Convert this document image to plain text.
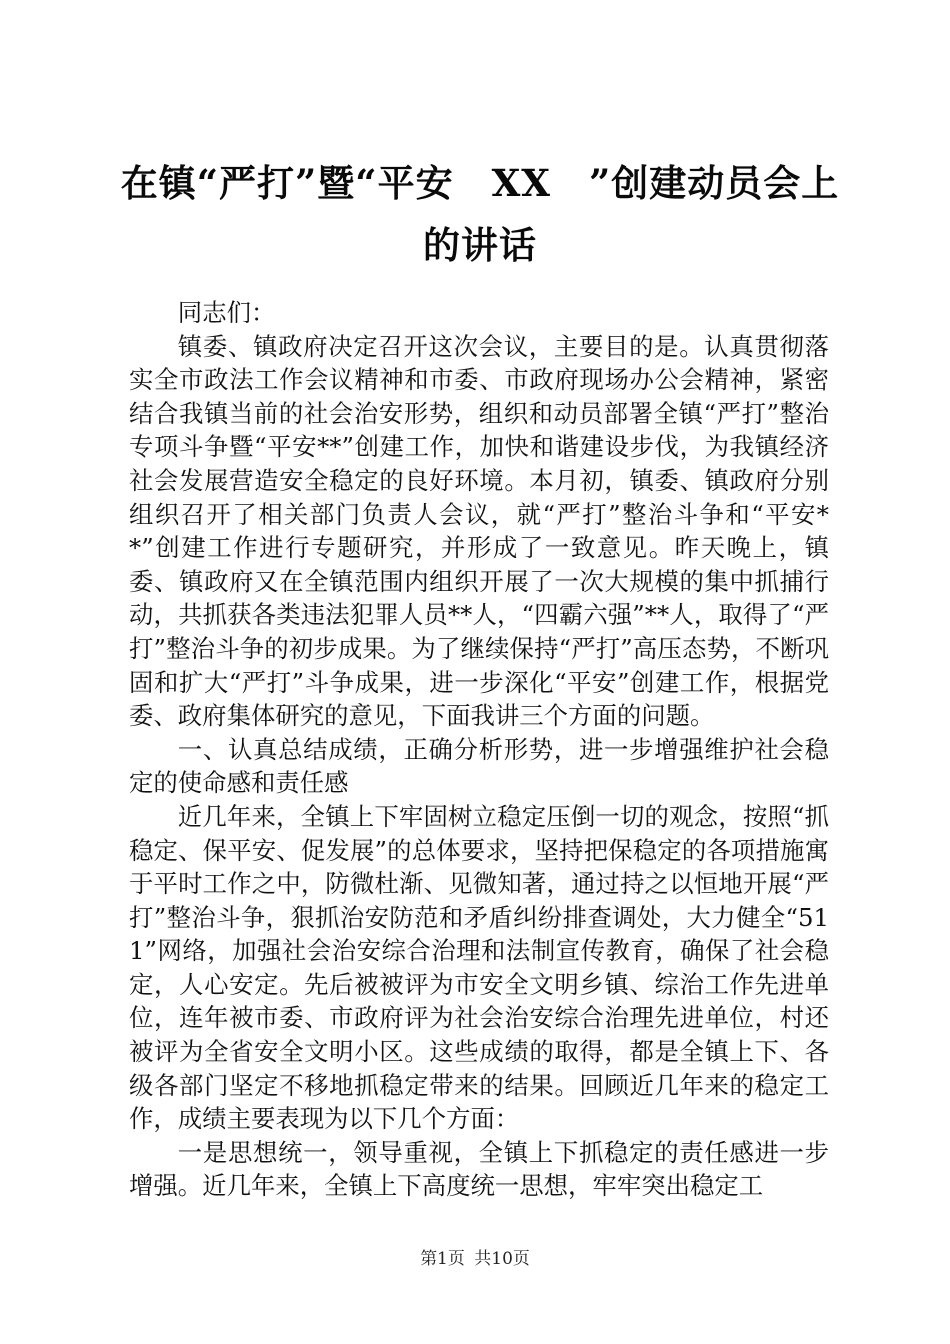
在镇“严打”暨“平安　XX　”创建动员会上
的讲话

同志们：

镇委、镇政府决定召开这次会议，主要目的是。认真贯彻落实全市政法工作会议精神和市委、市政府现场办公会精神，紧密结合我镇当前的社会治安形势，组织和动员部署全镇“严打”整治专项斗争暨“平安**”创建工作，加快和谐建设步伐，为我镇经济社会发展营造安全稳定的良好环境。本月初，镇委、镇政府分别组织召开了相关部门负责人会议，就“严打”整治斗争和“平安**”创建工作进行专题研究，并形成了一致意见。昨天晚上，镇委、镇政府又在全镇范围内组织开展了一次大规模的集中抓捕行动，共抓获各类违法犯罪人员**人，“四霸六强”**人，取得了“严打”整治斗争的初步成果。为了继续保持“严打”高压态势，不断巩固和扩大“严打”斗争成果，进一步深化“平安”创建工作，根据党委、政府集体研究的意见，下面我讲三个方面的问题。

一、认真总结成绩，正确分析形势，进一步增强维护社会稳定的使命感和责任感

近几年来，全镇上下牢固树立稳定压倒一切的观念，按照“抓稳定、保平安、促发展”的总体要求，坚持把保稳定的各项措施寓于平时工作之中，防微杜渐、见微知著，通过持之以恒地开展“严打”整治斗争，狠抓治安防范和矛盾纠纷排查调处，大力健全“511”网络，加强社会治安综合治理和法制宣传教育，确保了社会稳定，人心安定。先后被被评为市安全文明乡镇、综治工作先进单位，连年被市委、市政府评为社会治安综合治理先进单位，村还被评为全省安全文明小区。这些成绩的取得，都是全镇上下、各级各部门坚定不移地抓稳定带来的结果。回顾近几年来的稳定工作，成绩主要表现为以下几个方面：

一是思想统一，领导重视，全镇上下抓稳定的责任感进一步增强。近几年来，全镇上下高度统一思想，牢牢突出稳定工

第1页 共10页
